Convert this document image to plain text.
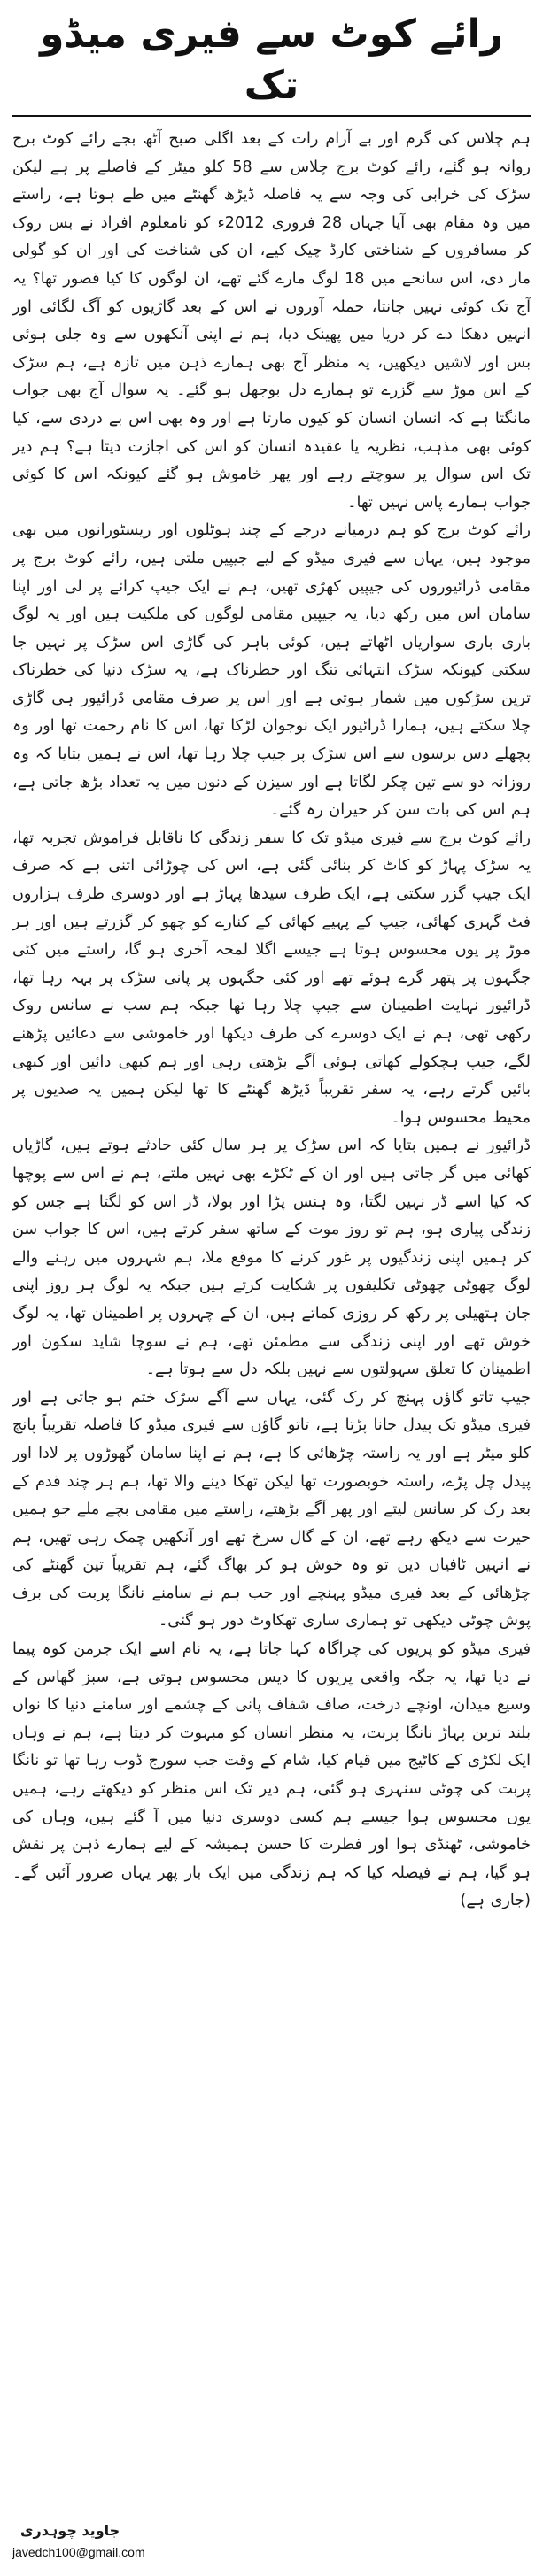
رائے کوٹ سے فیری میڈو تک

ہم چلاس کی گرم اور بے آرام رات کے بعد اگلی صبح آٹھ بجے رائے کوٹ برج روانہ ہو گئے، رائے کوٹ برج چلاس سے 58 کلو میٹر کے فاصلے پر ہے لیکن سڑک کی خرابی کی وجہ سے یہ فاصلہ ڈیڑھ گھنٹے میں طے ہوتا ہے، راستے میں وہ مقام بھی آیا جہاں 28 فروری 2012ء کو نامعلوم افراد نے بس روک کر مسافروں کے شناختی کارڈ چیک کیے، ان کی شناخت کی اور ان کو گولی مار دی، اس سانحے میں 18 لوگ مارے گئے تھے، ان لوگوں کا کیا قصور تھا؟ یہ آج تک کوئی نہیں جانتا، حملہ آوروں نے اس کے بعد گاڑیوں کو آگ لگائی اور انہیں دھکا دے کر دریا میں پھینک دیا، ہم نے اپنی آنکھوں سے وہ جلی ہوئی بس اور لاشیں دیکھیں، یہ منظر آج بھی ہمارے ذہن میں تازہ ہے، ہم سڑک کے اس موڑ سے گزرے تو ہمارے دل بوجھل ہو گئے۔ یہ سوال آج بھی جواب مانگتا ہے کہ انسان انسان کو کیوں مارتا ہے اور وہ بھی اس بے دردی سے، کیا کوئی بھی مذہب، نظریہ یا عقیدہ انسان کو اس کی اجازت دیتا ہے؟ ہم دیر تک اس سوال پر سوچتے رہے اور پھر خاموش ہو گئے کیونکہ اس کا کوئی جواب ہمارے پاس نہیں تھا۔

رائے کوٹ برج کو ہم درمیانے درجے کے چند ہوٹلوں اور ریسٹورانوں میں بھی موجود ہیں، یہاں سے فیری میڈو کے لیے جیپیں ملتی ہیں، رائے کوٹ برج پر مقامی ڈرائیوروں کی جیپیں کھڑی تھیں، ہم نے ایک جیپ کرائے پر لی اور اپنا سامان اس میں رکھ دیا، یہ جیپیں مقامی لوگوں کی ملکیت ہیں اور یہ لوگ باری باری سواریاں اٹھاتے ہیں، کوئی باہر کی گاڑی اس سڑک پر نہیں جا سکتی کیونکہ سڑک انتہائی تنگ اور خطرناک ہے، یہ سڑک دنیا کی خطرناک ترین سڑکوں میں شمار ہوتی ہے اور اس پر صرف مقامی ڈرائیور ہی گاڑی چلا سکتے ہیں، ہمارا ڈرائیور ایک نوجوان لڑکا تھا، اس کا نام رحمت تھا اور وہ پچھلے دس برسوں سے اس سڑک پر جیپ چلا رہا تھا، اس نے ہمیں بتایا کہ وہ روزانہ دو سے تین چکر لگاتا ہے اور سیزن کے دنوں میں یہ تعداد بڑھ جاتی ہے، ہم اس کی بات سن کر حیران رہ گئے۔

رائے کوٹ برج سے فیری میڈو تک کا سفر زندگی کا ناقابل فراموش تجربہ تھا، یہ سڑک پہاڑ کو کاٹ کر بنائی گئی ہے، اس کی چوڑائی اتنی ہے کہ صرف ایک جیپ گزر سکتی ہے، ایک طرف سیدھا پہاڑ ہے اور دوسری طرف ہزاروں فٹ گہری کھائی، جیپ کے پہیے کھائی کے کنارے کو چھو کر گزرتے ہیں اور ہر موڑ پر یوں محسوس ہوتا ہے جیسے اگلا لمحہ آخری ہو گا، راستے میں کئی جگہوں پر پتھر گرے ہوئے تھے اور کئی جگہوں پر پانی سڑک پر بہہ رہا تھا، ڈرائیور نہایت اطمینان سے جیپ چلا رہا تھا جبکہ ہم سب نے سانس روک رکھی تھی، ہم نے ایک دوسرے کی طرف دیکھا اور خاموشی سے دعائیں پڑھنے لگے، جیپ ہچکولے کھاتی ہوئی آگے بڑھتی رہی اور ہم کبھی دائیں اور کبھی بائیں گرتے رہے، یہ سفر تقریباً ڈیڑھ گھنٹے کا تھا لیکن ہمیں یہ صدیوں پر محیط محسوس ہوا۔

ڈرائیور نے ہمیں بتایا کہ اس سڑک پر ہر سال کئی حادثے ہوتے ہیں، گاڑیاں کھائی میں گر جاتی ہیں اور ان کے ٹکڑے بھی نہیں ملتے، ہم نے اس سے پوچھا کہ کیا اسے ڈر نہیں لگتا، وہ ہنس پڑا اور بولا، ڈر اس کو لگتا ہے جس کو زندگی پیاری ہو، ہم تو روز موت کے ساتھ سفر کرتے ہیں، اس کا جواب سن کر ہمیں اپنی زندگیوں پر غور کرنے کا موقع ملا، ہم شہروں میں رہنے والے لوگ چھوٹی چھوٹی تکلیفوں پر شکایت کرتے ہیں جبکہ یہ لوگ ہر روز اپنی جان ہتھیلی پر رکھ کر روزی کماتے ہیں، ان کے چہروں پر اطمینان تھا، یہ لوگ خوش تھے اور اپنی زندگی سے مطمئن تھے، ہم نے سوچا شاید سکون اور اطمینان کا تعلق سہولتوں سے نہیں بلکہ دل سے ہوتا ہے۔

جیپ تاتو گاؤں پہنچ کر رک گئی، یہاں سے آگے سڑک ختم ہو جاتی ہے اور فیری میڈو تک پیدل جانا پڑتا ہے، تاتو گاؤں سے فیری میڈو کا فاصلہ تقریباً پانچ کلو میٹر ہے اور یہ راستہ چڑھائی کا ہے، ہم نے اپنا سامان گھوڑوں پر لادا اور پیدل چل پڑے، راستہ خوبصورت تھا لیکن تھکا دینے والا تھا، ہم ہر چند قدم کے بعد رک کر سانس لیتے اور پھر آگے بڑھتے، راستے میں مقامی بچے ملے جو ہمیں حیرت سے دیکھ رہے تھے، ان کے گال سرخ تھے اور آنکھیں چمک رہی تھیں، ہم نے انہیں ٹافیاں دیں تو وہ خوش ہو کر بھاگ گئے، ہم تقریباً تین گھنٹے کی چڑھائی کے بعد فیری میڈو پہنچے اور جب ہم نے سامنے نانگا پربت کی برف پوش چوٹی دیکھی تو ہماری ساری تھکاوٹ دور ہو گئی۔

فیری میڈو کو پریوں کی چراگاہ کہا جاتا ہے، یہ نام اسے ایک جرمن کوہ پیما نے دیا تھا، یہ جگہ واقعی پریوں کا دیس محسوس ہوتی ہے، سبز گھاس کے وسیع میدان، اونچے درخت، صاف شفاف پانی کے چشمے اور سامنے دنیا کا نواں بلند ترین پہاڑ نانگا پربت، یہ منظر انسان کو مبہوت کر دیتا ہے، ہم نے وہاں ایک لکڑی کے کاٹیج میں قیام کیا، شام کے وقت جب سورج ڈوب رہا تھا تو نانگا پربت کی چوٹی سنہری ہو گئی، ہم دیر تک اس منظر کو دیکھتے رہے، ہمیں یوں محسوس ہوا جیسے ہم کسی دوسری دنیا میں آ گئے ہیں، وہاں کی خاموشی، ٹھنڈی ہوا اور فطرت کا حسن ہمیشہ کے لیے ہمارے ذہن پر نقش ہو گیا، ہم نے فیصلہ کیا کہ ہم زندگی میں ایک بار پھر یہاں ضرور آئیں گے۔ (جاری ہے)

جاوید چوہدری
javedch100@gmail.com
